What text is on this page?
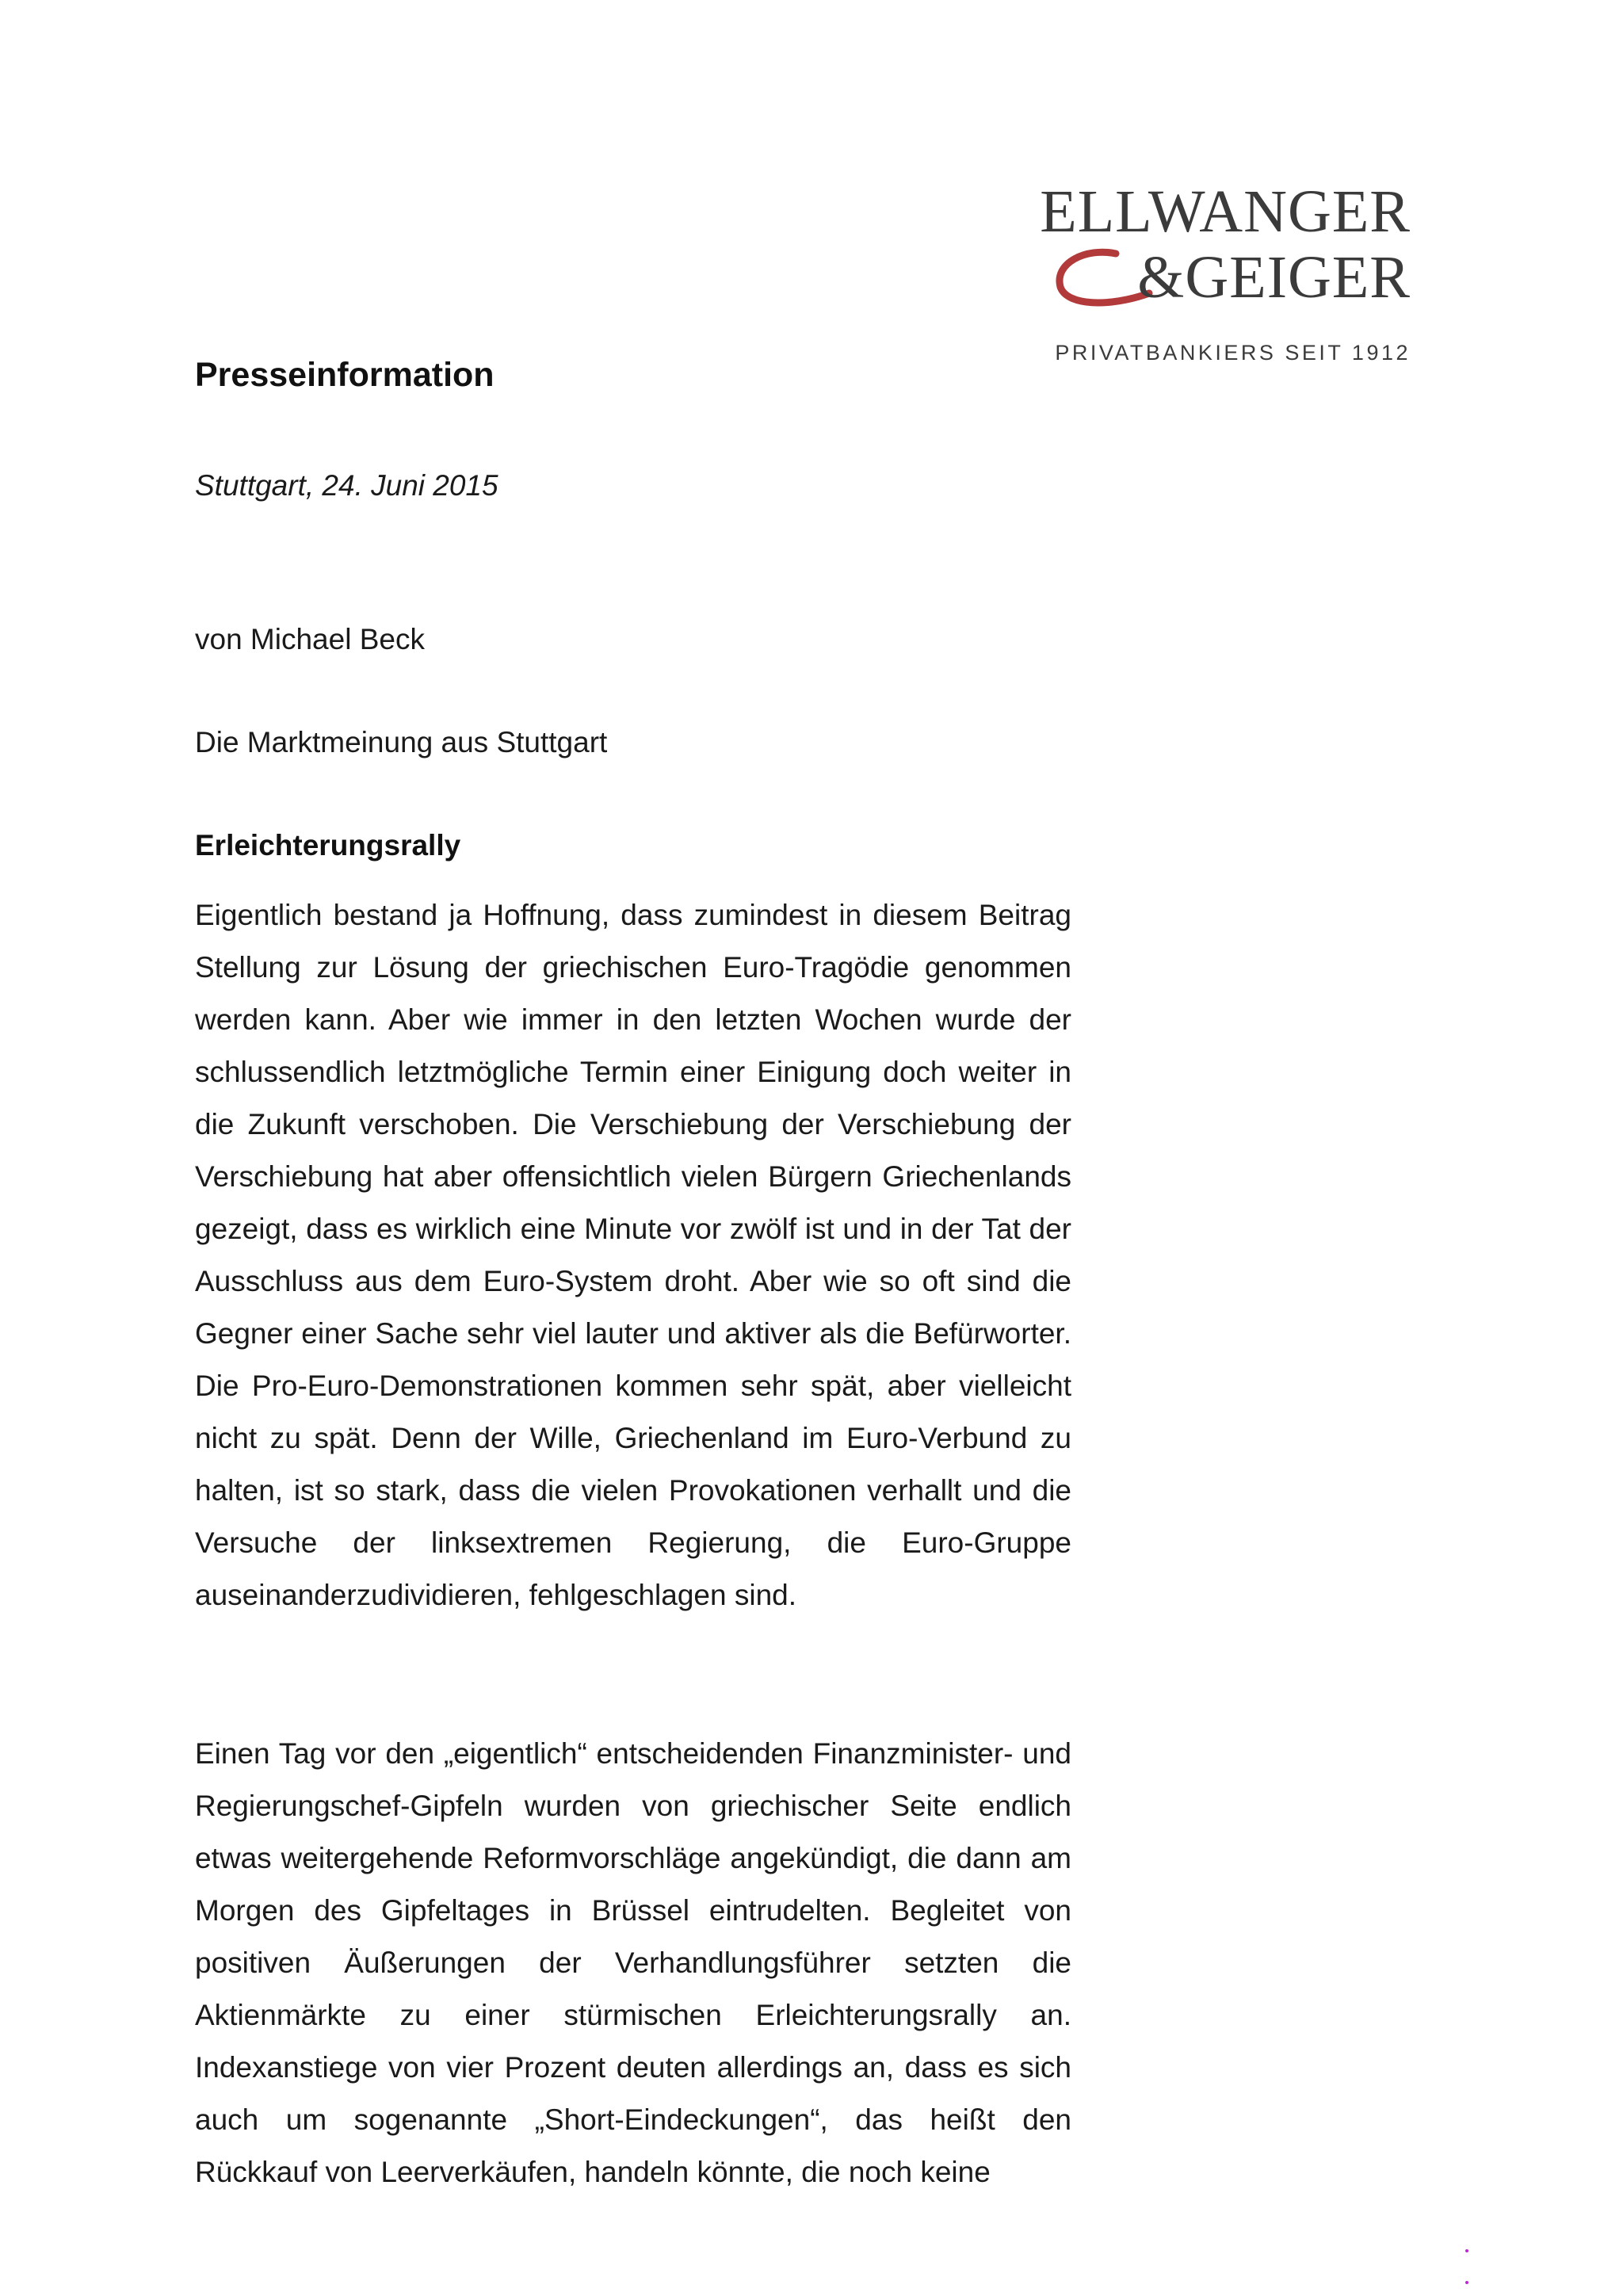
ELLWANGER
&GEIGER
PRIVATBANKIERS SEIT 1912
Presseinformation
Stuttgart, 24. Juni 2015
von Michael Beck
Die Marktmeinung aus Stuttgart
Erleichterungsrally

Eigentlich bestand ja Hoffnung, dass zumindest in diesem Beitrag Stellung zur Lösung der griechischen Euro-Tragödie genommen werden kann. Aber wie immer in den letzten Wochen wurde der schlussendlich letztmögliche Termin einer Einigung doch weiter in die Zukunft verschoben. Die Verschiebung der Verschiebung der Verschiebung hat aber offensichtlich vielen Bürgern Griechenlands gezeigt, dass es wirklich eine Minute vor zwölf ist und in der Tat der Ausschluss aus dem Euro-System droht. Aber wie so oft sind die Gegner einer Sache sehr viel lauter und aktiver als die Befürworter. Die Pro-Euro-Demonstrationen kommen sehr spät, aber vielleicht nicht zu spät. Denn der Wille, Griechenland im Euro-Verbund zu halten, ist so stark, dass die vielen Provokationen verhallt und die Versuche der linksextremen Regierung, die Euro-Gruppe auseinanderzudividieren, fehlgeschlagen sind.

Einen Tag vor den „eigentlich“ entscheidenden Finanzminister- und Regierungschef-Gipfeln wurden von griechischer Seite endlich etwas weitergehende Reformvorschläge angekündigt, die dann am Morgen des Gipfeltages in Brüssel eintrudelten. Begleitet von positiven Äußerungen der Verhandlungsführer setzten die Aktienmärkte zu einer stürmischen Erleichterungsrally an. Indexanstiege von vier Prozent deuten allerdings an, dass es sich auch um sogenannte „Short-Eindeckungen“, das heißt den Rückkauf von Leerverkäufen, handeln könnte, die noch keine
